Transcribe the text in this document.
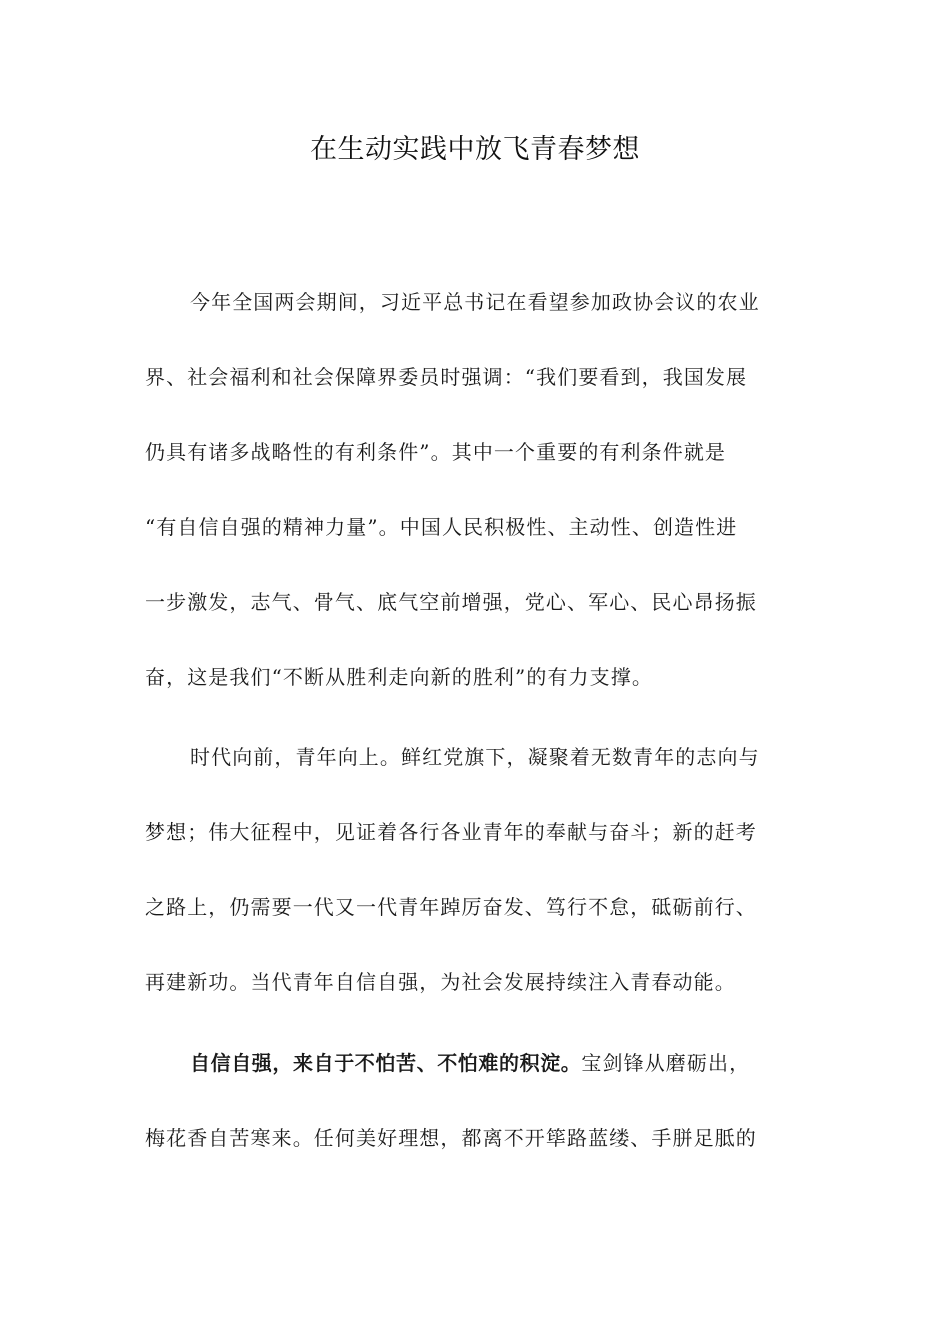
在生动实践中放飞青春梦想
今年全国两会期间，习近平总书记在看望参加政协会议的农业
界、社会福利和社会保障界委员时强调：“我们要看到，我国发展
仍具有诸多战略性的有利条件”。其中一个重要的有利条件就是
“有自信自强的精神力量”。中国人民积极性、主动性、创造性进
一步激发，志气、骨气、底气空前增强，党心、军心、民心昂扬振
奋，这是我们“不断从胜利走向新的胜利”的有力支撑。
时代向前，青年向上。鲜红党旗下，凝聚着无数青年的志向与
梦想；伟大征程中，见证着各行各业青年的奉献与奋斗；新的赶考
之路上，仍需要一代又一代青年踔厉奋发、笃行不怠，砥砺前行、
再建新功。当代青年自信自强，为社会发展持续注入青春动能。
自信自强，来自于不怕苦、不怕难的积淀。宝剑锋从磨砺出，
梅花香自苦寒来。任何美好理想，都离不开筚路蓝缕、手胼足胝的
